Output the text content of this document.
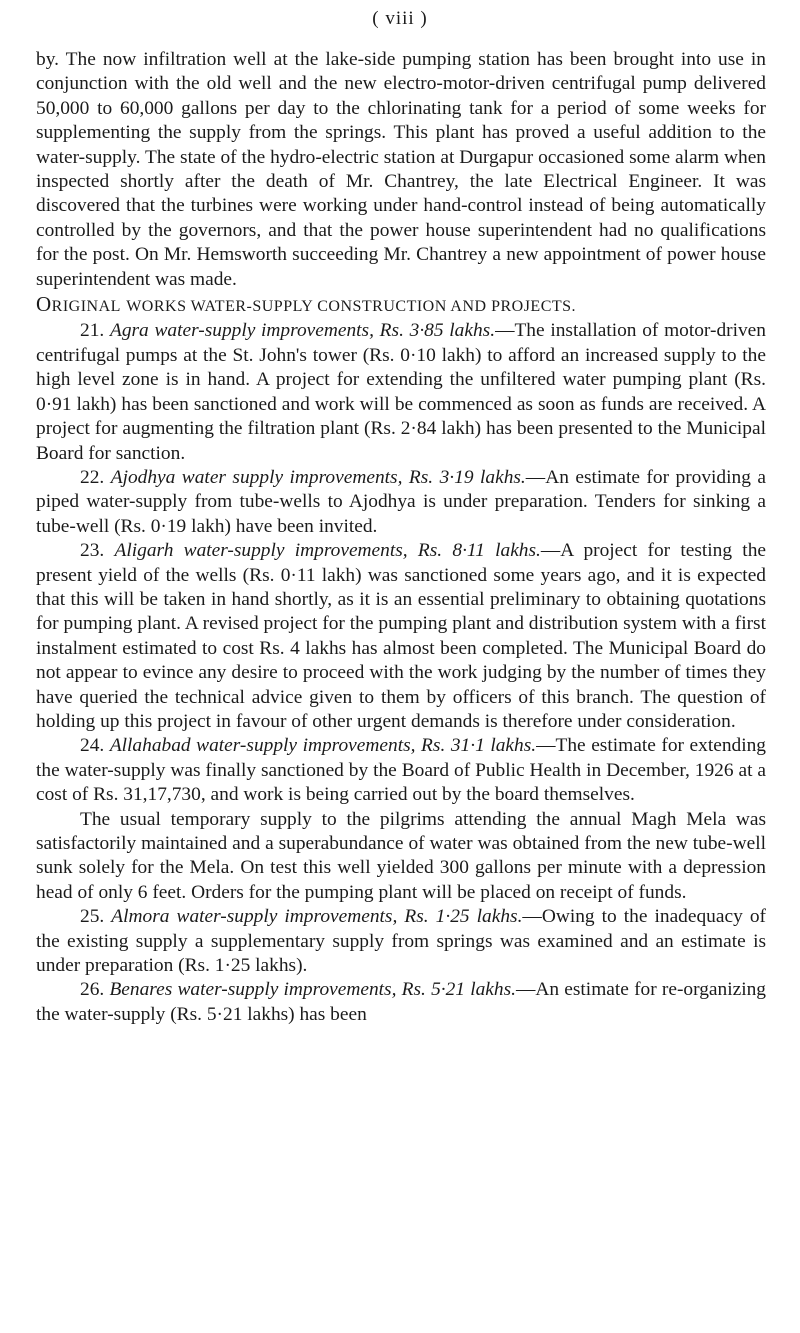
( viii )

by. The now infiltration well at the lake-side pumping station has been brought into use in conjunction with the old well and the new electro-motor-driven centrifugal pump delivered 50,000 to 60,000 gallons per day to the chlorinating tank for a period of some weeks for supplementing the supply from the springs. This plant has proved a useful addition to the water-supply. The state of the hydro-electric station at Durgapur occasioned some alarm when inspected shortly after the death of Mr. Chantrey, the late Electrical Engineer. It was discovered that the turbines were working under hand-control instead of being automatically controlled by the governors, and that the power house superintendent had no qualifications for the post. On Mr. Hemsworth succeeding Mr. Chantrey a new appointment of power house superintendent was made.

ORIGINAL WORKS WATER-SUPPLY CONSTRUCTION AND PROJECTS.

21. Agra water-supply improvements, Rs. 3·85 lakhs.—The installation of motor-driven centrifugal pumps at the St. John's tower (Rs. 0·10 lakh) to afford an increased supply to the high level zone is in hand. A project for extending the unfiltered water pumping plant (Rs. 0·91 lakh) has been sanctioned and work will be commenced as soon as funds are received. A project for augmenting the filtration plant (Rs. 2·84 lakh) has been presented to the Municipal Board for sanction.

22. Ajodhya water supply improvements, Rs. 3·19 lakhs.—An estimate for providing a piped water-supply from tube-wells to Ajodhya is under preparation. Tenders for sinking a tube-well (Rs. 0·19 lakh) have been invited.

23. Aligarh water-supply improvements, Rs. 8·11 lakhs.—A project for testing the present yield of the wells (Rs. 0·11 lakh) was sanctioned some years ago, and it is expected that this will be taken in hand shortly, as it is an essential preliminary to obtaining quotations for pumping plant. A revised project for the pumping plant and distribution system with a first instalment estimated to cost Rs. 4 lakhs has almost been completed. The Municipal Board do not appear to evince any desire to proceed with the work judging by the number of times they have queried the technical advice given to them by officers of this branch. The question of holding up this project in favour of other urgent demands is therefore under consideration.

24. Allahabad water-supply improvements, Rs. 31·1 lakhs.—The estimate for extending the water-supply was finally sanctioned by the Board of Public Health in December, 1926 at a cost of Rs. 31,17,730, and work is being carried out by the board themselves.

The usual temporary supply to the pilgrims attending the annual Magh Mela was satisfactorily maintained and a superabundance of water was obtained from the new tube-well sunk solely for the Mela. On test this well yielded 300 gallons per minute with a depression head of only 6 feet. Orders for the pumping plant will be placed on receipt of funds.

25. Almora water-supply improvements, Rs. 1·25 lakhs.—Owing to the inadequacy of the existing supply a supplementary supply from springs was examined and an estimate is under preparation (Rs. 1·25 lakhs).

26. Benares water-supply improvements, Rs. 5·21 lakhs.—An estimate for re-organizing the water-supply (Rs. 5·21 lakhs) has been
